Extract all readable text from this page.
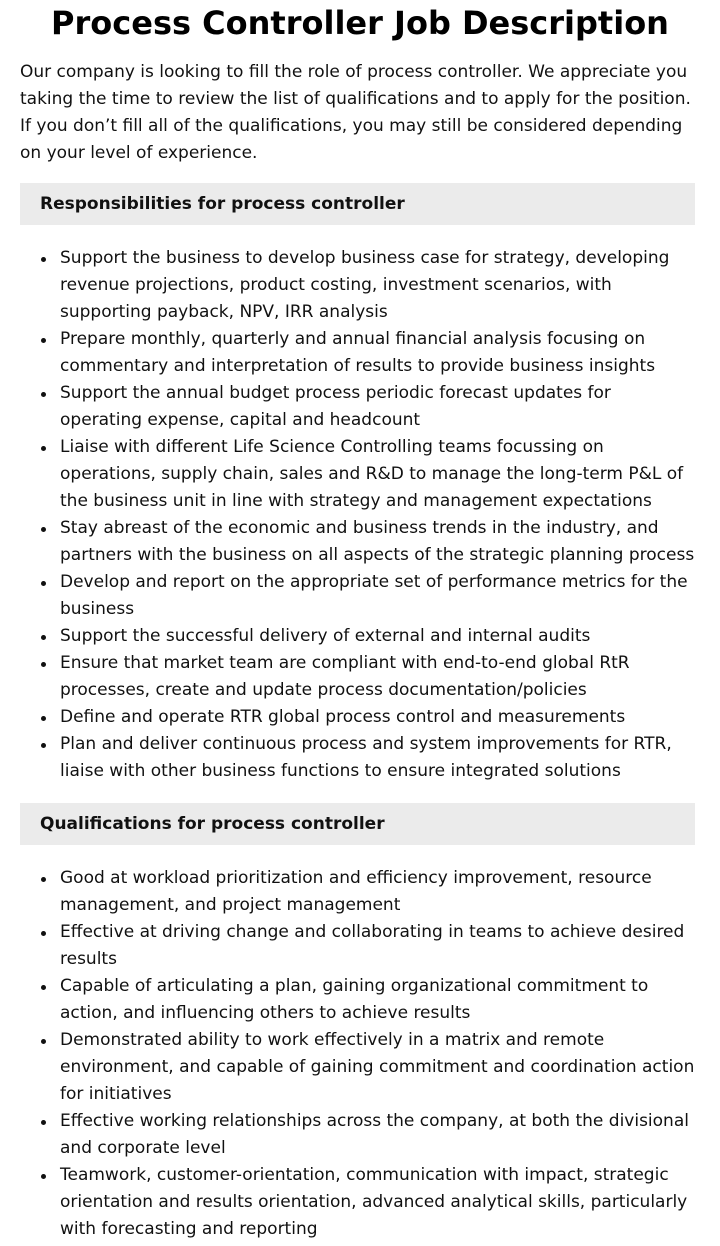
Process Controller Job Description

Our company is looking to fill the role of process controller. We appreciate you taking the time to review the list of qualifications and to apply for the position. If you don’t fill all of the qualifications, you may still be considered depending on your level of experience.

Responsibilities for process controller
Support the business to develop business case for strategy, developing revenue projections, product costing, investment scenarios, with supporting payback, NPV, IRR analysis
Prepare monthly, quarterly and annual financial analysis focusing on commentary and interpretation of results to provide business insights
Support the annual budget process periodic forecast updates for operating expense, capital and headcount
Liaise with different Life Science Controlling teams focussing on operations, supply chain, sales and R&D to manage the long-term P&L of the business unit in line with strategy and management expectations
Stay abreast of the economic and business trends in the industry, and partners with the business on all aspects of the strategic planning process
Develop and report on the appropriate set of performance metrics for the business
Support the successful delivery of external and internal audits
Ensure that market team are compliant with end-to-end global RtR processes, create and update process documentation/policies
Define and operate RTR global process control and measurements
Plan and deliver continuous process and system improvements for RTR, liaise with other business functions to ensure integrated solutions
Qualifications for process controller
Good at workload prioritization and efficiency improvement, resource management, and project management
Effective at driving change and collaborating in teams to achieve desired results
Capable of articulating a plan, gaining organizational commitment to action, and influencing others to achieve results
Demonstrated ability to work effectively in a matrix and remote environment, and capable of gaining commitment and coordination action for initiatives
Effective working relationships across the company, at both the divisional and corporate level
Teamwork, customer-orientation, communication with impact, strategic orientation and results orientation, advanced analytical skills, particularly with forecasting and reporting
